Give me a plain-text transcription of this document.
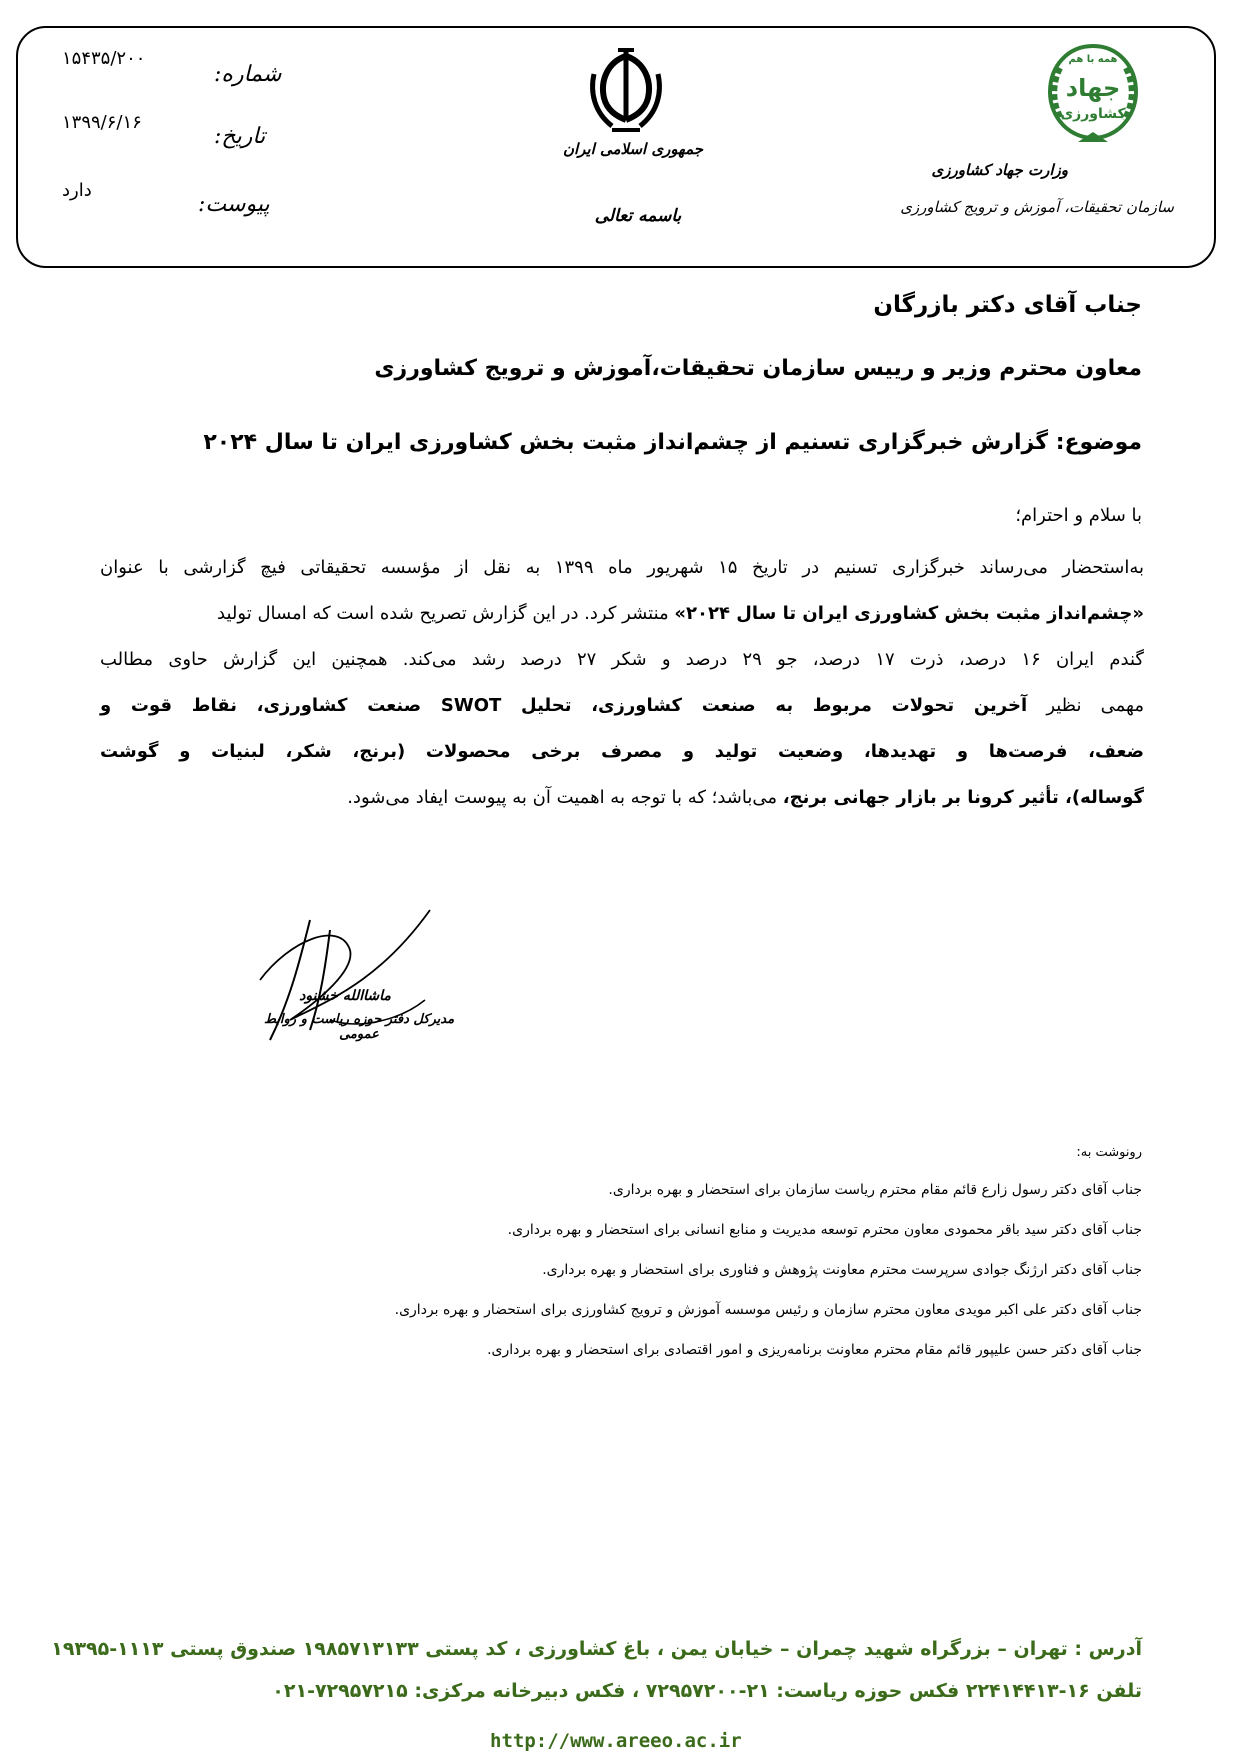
شماره:
۱۵۴۳۵/۲۰۰
تاریخ:
۱۳۹۹/۶/۱۶
پیوست:
دارد
جمهوری اسلامی ایران
باسمه تعالی
همه با هم
جهاد
کشاورزی
وزارت جهاد کشاورزی
سازمان تحقیقات، آموزش و ترویج کشاورزی
جناب آقای دکتر بازرگان
معاون محترم وزیر و رییس سازمان تحقیقات،آموزش و ترویج کشاورزی
موضوع: گزارش خبرگزاری تسنیم از چشم‌انداز مثبت بخش کشاورزی ایران تا سال ۲۰۲۴
با سلام و احترام؛
به‌استحضار می‌رساند خبرگزاری تسنیم در تاریخ ۱۵ شهریور ماه ۱۳۹۹ به نقل از مؤسسه تحقیقاتی فیچ گزارشی با عنوان
«چشم‌انداز مثبت بخش کشاورزی ایران تا سال ۲۰۲۴» منتشر کرد. در این گزارش تصریح شده است که امسال تولید
گندم ایران ۱۶ درصد، ذرت ۱۷ درصد، جو ۲۹ درصد و شکر ۲۷ درصد رشد می‌کند. همچنین این گزارش حاوی مطالب
مهمی نظیر آخرین تحولات مربوط به صنعت کشاورزی، تحلیل SWOT صنعت کشاورزی، نقاط قوت و
ضعف، فرصت‌ها و تهدیدها، وضعیت تولید و مصرف برخی محصولات (برنج، شکر، لبنیات و گوشت
گوساله)، تأثیر کرونا بر بازار جهانی برنج، می‌باشد؛ که با توجه به اهمیت آن به پیوست ایفاد می‌شود.
ماشاالله خشنود
مدیرکل دفتر حوزه ریاست و روابط عمومی
رونوشت به:
جناب آقای دکتر رسول زارع قائم مقام محترم ریاست سازمان برای استحضار و بهره برداری.
جناب آقای دکتر سید باقر محمودی معاون محترم توسعه مدیریت و منابع انسانی برای استحضار و بهره برداری.
جناب آقای دکتر ارژنگ جوادی سرپرست محترم معاونت پژوهش و فناوری برای استحضار و بهره برداری.
جناب آقای دکتر علی اکبر مویدی معاون محترم سازمان و رئیس موسسه آموزش و ترویج کشاورزی برای استحضار و بهره برداری.
جناب آقای دکتر حسن علیپور قائم مقام محترم معاونت برنامه‌ریزی و امور اقتصادی برای استحضار و بهره برداری.
آدرس : تهران – بزرگراه شهید چمران – خیابان یمن ، باغ کشاورزی ، کد پستی ۱۹۸۵۷۱۳۱۳۳ صندوق پستی ۱۱۱۳-۱۹۳۹۵
تلفن ۱۶-۲۲۴۱۴۴۱۳ فکس حوزه ریاست: ۲۱-۷۲۹۵۷۲۰۰ ، فکس دبیرخانه مرکزی: ۷۲۹۵۷۲۱۵-۰۲۱
http://www.areeo.ac.ir
